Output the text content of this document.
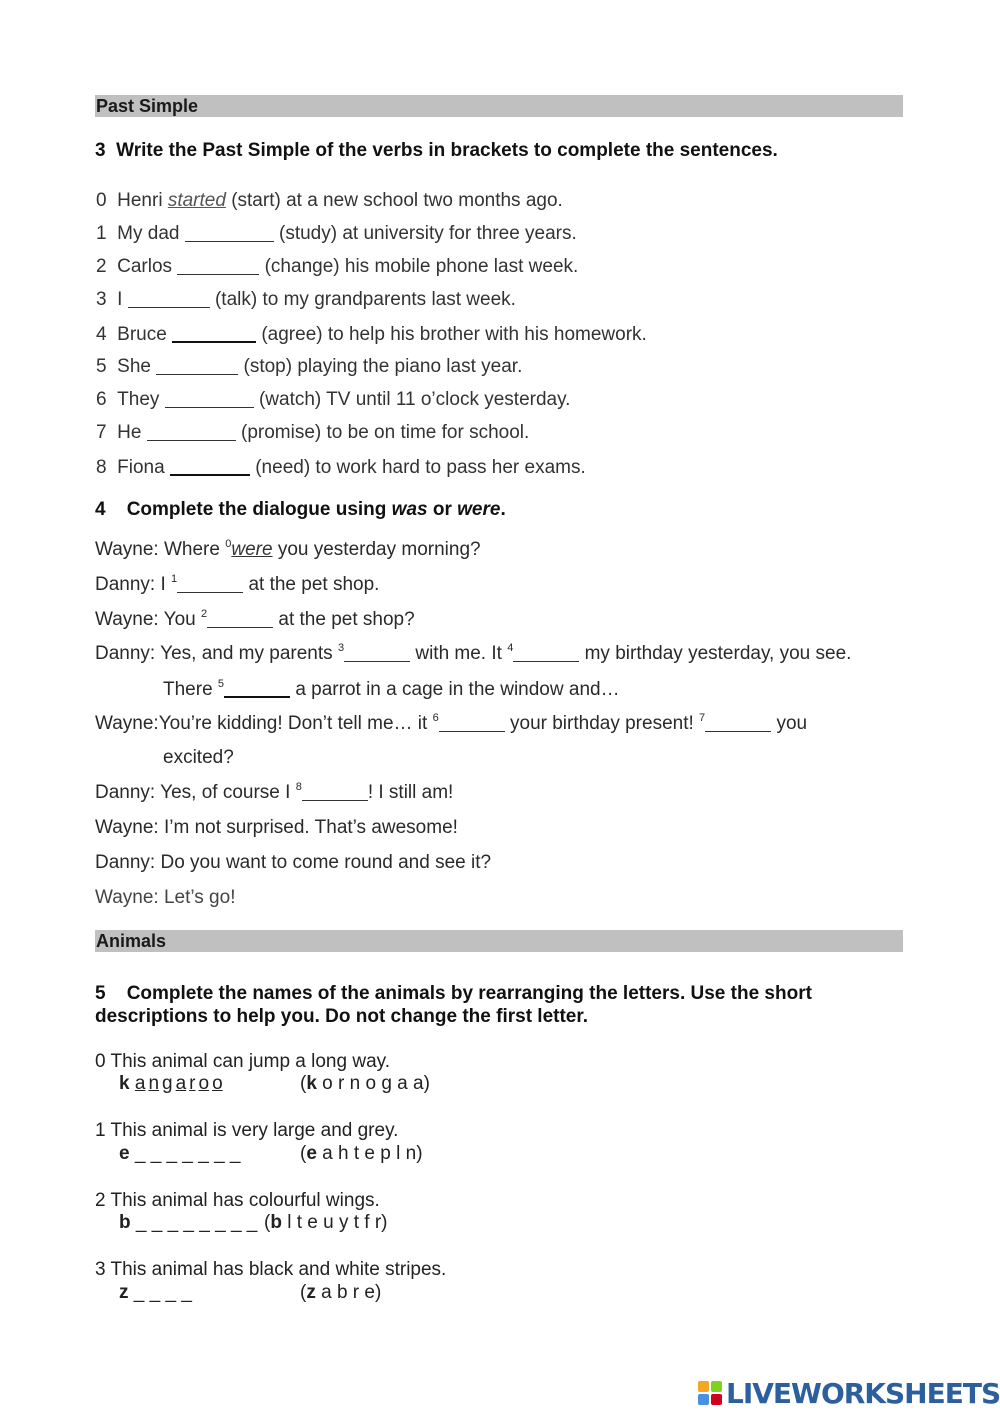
Past Simple
3 Write the Past Simple of the verbs in brackets to complete the sentences.
0 Henri started (start) at a new school two months ago.
1 My dad	(study) at university for three years.
2 Carlos	(change) his mobile phone last week.
3 I	(talk) to my grandparents last week.
4 Bruce	(agree) to help his brother with his homework.
5 She	(stop) playing the piano last year.
6 They	(watch) TV until 11 o’clock yesterday.
7 He	(promise) to be on time for school.
8 Fiona	(need) to work hard to pass her exams.
4 Complete the dialogue using was or were.
Wayne: Where $^0$were you yesterday morning?
Danny: I $^1$	at the pet shop.
Wayne: You $^2$	at the pet shop?
Danny: Yes, and my parents $^3$	with me. It $^4$	my birthday yesterday, you see.
There $^5$	a parrot in a cage in the window and…
Wayne:You’re kidding! Don’t tell me… it $^6$	your birthday present! $^7$	you
excited?
Danny: Yes, of course I $^8$	! I still am!
Wayne: I’m not surprised. That’s awesome!
Danny: Do you want to come round and see it?
Wayne: Let’s go!
Animals
5 Complete the names of the animals by rearranging the letters. Use the short
descriptions to help you. Do not change the first letter.
0 This animal can jump a long way.
k a n g a r o o	(k o r n o g a a)
1 This animal is very large and grey.
e _ _ _ _ _ _ _	(e a h t e p l n)
2 This animal has colourful wings.
b _ _ _ _ _ _ _ _ (b l t e u y t f r)
3 This animal has black and white stripes.
z _ _ _ _	(z a b r e)
LIVEWORKSHEETS
